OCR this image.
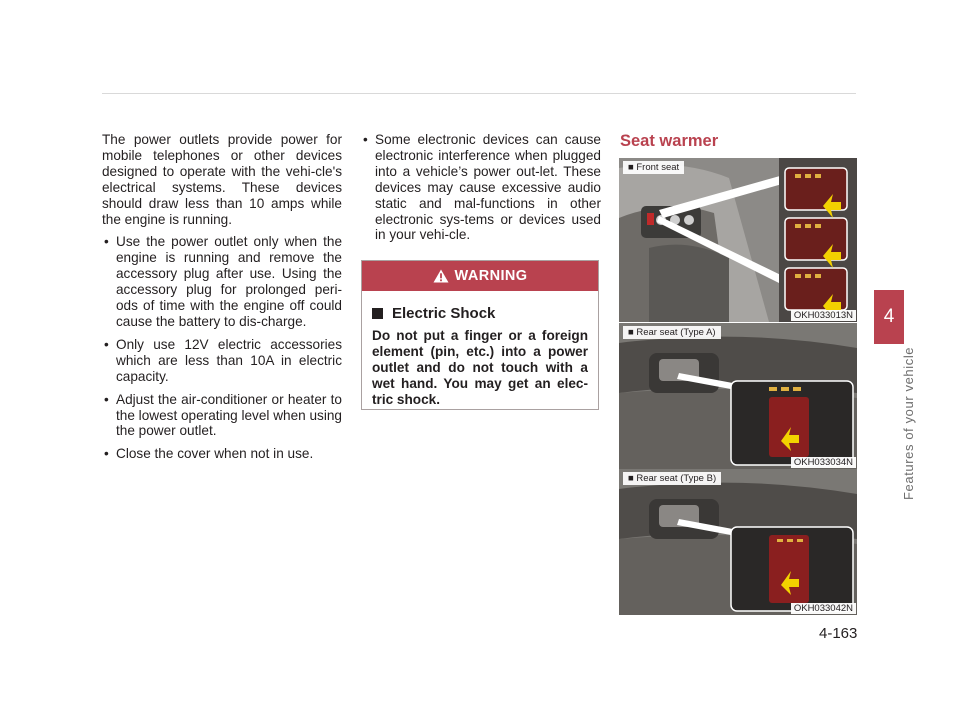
The power outlets provide power for mobile telephones or other devices designed to operate with the vehi-cle's electrical systems. These devices should draw less than 10 amps while the engine is running.

• Use the power outlet only when the engine is running and remove the accessory plug after use. Using the accessory plug for prolonged peri-ods of time with the engine off could cause the battery to dis-charge.
• Only use 12V electric accessories which are less than 10A in electric capacity.
• Adjust the air-conditioner or heater to the lowest operating level when using the power outlet.
• Close the cover when not in use.
• Some electronic devices can cause electronic interference when plugged into a vehicle’s power out-let. These devices may cause excessive audio static and mal-functions in other electronic sys-tems or devices used in your vehi-cle.
WARNING
Electric Shock

Do not put a finger or a foreign element (pin, etc.) into a power outlet and do not touch with a wet hand. You may get an elec-tric shock.

Seat warmer
■ Front seat
OKH033013N
■ Rear seat (Type A)
OKH033034N
■ Rear seat (Type B)
OKH033042N
4
Features of your vehicle
4-163
